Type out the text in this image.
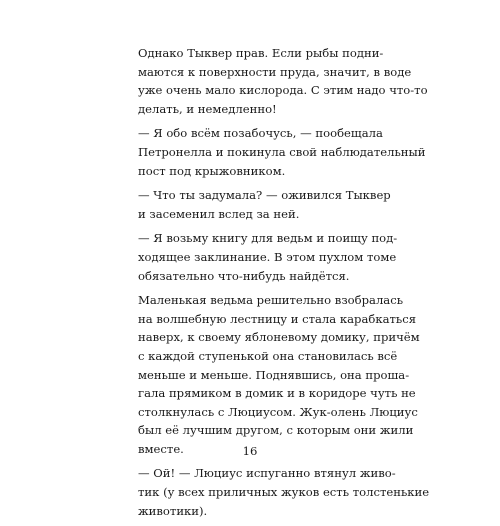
Однако Тыквер прав. Если рыбы подни-
маются к поверхности пруда, значит, в воде
уже очень мало кислорода. С этим надо что-то
делать, и немедленно!

— Я обо всём позабочусь, — пообещала
Петронелла и покинула свой наблюдательный
пост под крыжовником.

— Что ты задумала? — оживился Тыквер
и засеменил вслед за ней.

— Я возьму книгу для ведьм и поищу под-
ходящее заклинание. В этом пухлом томе
обязательно что-нибудь найдётся.

Маленькая ведьма решительно взобралась
на волшебную лестницу и стала карабкаться
наверх, к своему яблоневому домику, причём
с каждой ступенькой она становилась всё
меньше и меньше. Поднявшись, она проша-
гала прямиком в домик и в коридоре чуть не
столкнулась с Люциусом. Жук-олень Люциус
был её лучшим другом, с которым они жили
вместе.

— Ой! — Люциус испуганно втянул живо-
тик (у всех приличных жуков есть толстенькие
животики).

16
